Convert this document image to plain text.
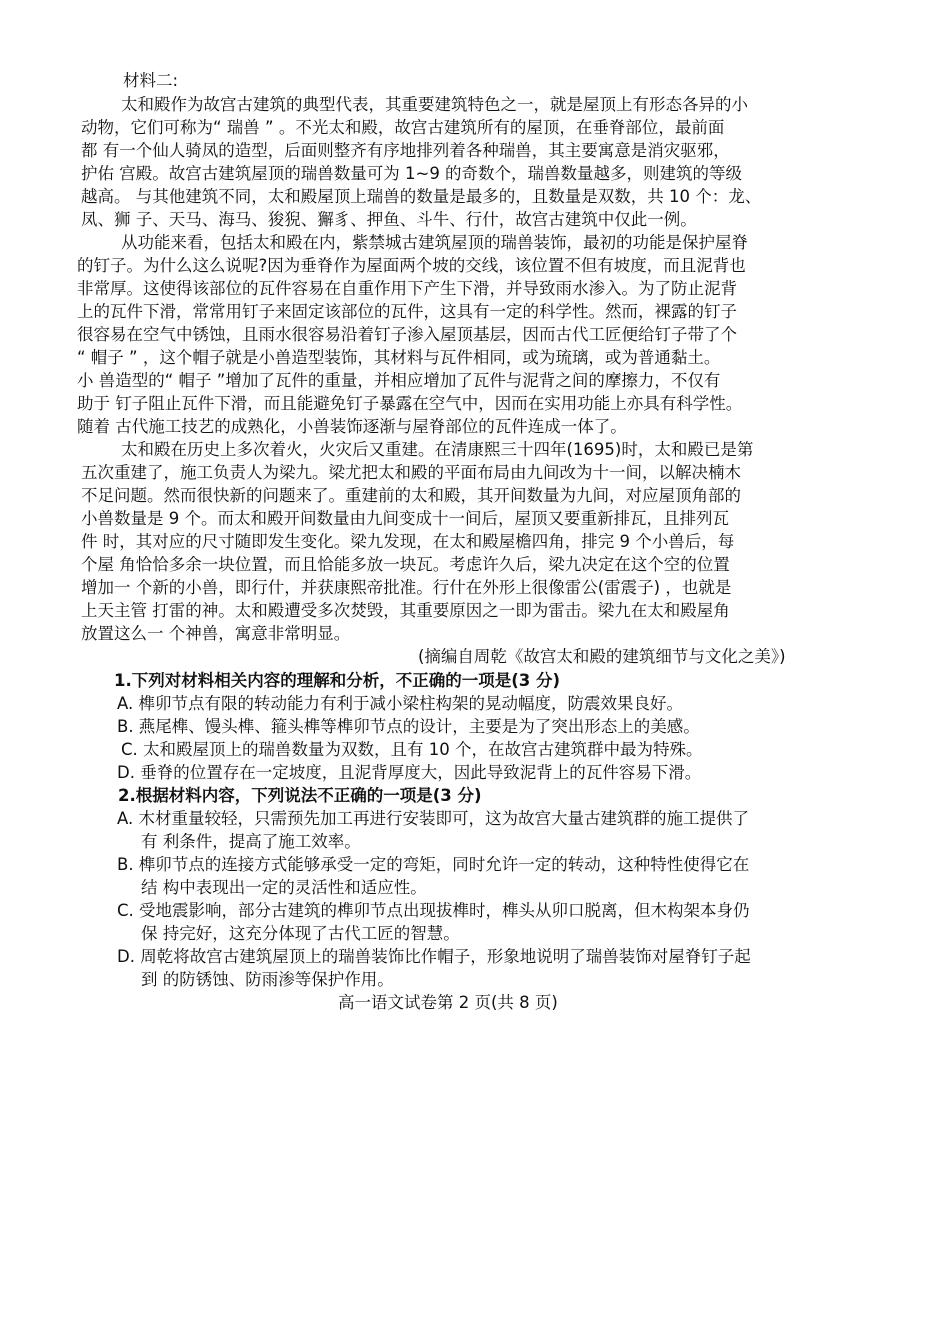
材料二:
太和殿作为故宫古建筑的典型代表，其重要建筑特色之一，就是屋顶上有形态各异的小
动物，它们可称为“ 瑞兽 ” 。不光太和殿，故宫古建筑所有的屋顶，在垂脊部位，最前面
都 有一个仙人骑凤的造型，后面则整齐有序地排列着各种瑞兽，其主要寓意是消灾驱邪，
护佑 宫殿。故宫古建筑屋顶的瑞兽数量可为 1~9 的奇数个，瑞兽数量越多，则建筑的等级
越高。 与其他建筑不同，太和殿屋顶上瑞兽的数量是最多的，且数量是双数，共 10 个：龙、
凤、狮 子、天马、海马、狻猊、獬豸、押鱼、斗牛、行什，故宫古建筑中仅此一例。
从功能来看，包括太和殿在内，紫禁城古建筑屋顶的瑞兽装饰，最初的功能是保护屋脊
的钉子。为什么这么说呢?因为垂脊作为屋面两个坡的交线，该位置不但有坡度，而且泥背也
非常厚。这使得该部位的瓦件容易在自重作用下产生下滑，并导致雨水渗入。为了防止泥背
上的瓦件下滑，常常用钉子来固定该部位的瓦件，这具有一定的科学性。然而，裸露的钉子
很容易在空气中锈蚀，且雨水很容易沿着钉子渗入屋顶基层，因而古代工匠便给钉子带了个
“ 帽子 ” ，这个帽子就是小兽造型装饰，其材料与瓦件相同，或为琉璃，或为普通黏土。
小 兽造型的“ 帽子 ”增加了瓦件的重量，并相应增加了瓦件与泥背之间的摩擦力，不仅有
助于 钉子阻止瓦件下滑，而且能避免钉子暴露在空气中，因而在实用功能上亦具有科学性。
随着 古代施工技艺的成熟化，小兽装饰逐渐与屋脊部位的瓦件连成一体了。
太和殿在历史上多次着火，火灾后又重建。在清康熙三十四年(1695)时，太和殿已是第
五次重建了，施工负责人为梁九。梁尤把太和殿的平面布局由九间改为十一间，以解决楠木
不足问题。然而很快新的问题来了。重建前的太和殿，其开间数量为九间，对应屋顶角部的
小兽数量是 9 个。而太和殿开间数量由九间变成十一间后，屋顶又要重新排瓦，且排列瓦
件 时，其对应的尺寸随即发生变化。梁九发现，在太和殿屋檐四角，排完 9 个小兽后，每
个屋 角恰恰多余一块位置，而且恰能多放一块瓦。考虑许久后，梁九决定在这个空的位置
增加一 个新的小兽，即行什，并获康熙帝批准。行什在外形上很像雷公(雷震子) ，也就是
上天主管 打雷的神。太和殿遭受多次焚毁，其重要原因之一即为雷击。梁九在太和殿屋角
放置这么一 个神兽，寓意非常明显。
(摘编自周乾《故宫太和殿的建筑细节与文化之美》)
1.下列对材料相关内容的理解和分析，不正确的一项是(3 分)
A. 榫卯节点有限的转动能力有利于减小梁柱构架的晃动幅度，防震效果良好。
B. 燕尾榫、馒头榫、箍头榫等榫卯节点的设计，主要是为了突出形态上的美感。
C. 太和殿屋顶上的瑞兽数量为双数，且有 10 个，在故宫古建筑群中最为特殊。
D. 垂脊的位置存在一定坡度，且泥背厚度大，因此导致泥背上的瓦件容易下滑。
2.根据材料内容，下列说法不正确的一项是(3 分)
A. 木材重量较轻，只需预先加工再进行安装即可，这为故宫大量古建筑群的施工提供了
有 利条件，提高了施工效率。
B. 榫卯节点的连接方式能够承受一定的弯矩，同时允许一定的转动，这种特性使得它在
结 构中表现出一定的灵活性和适应性。
C. 受地震影响，部分古建筑的榫卯节点出现拔榫时，榫头从卯口脱离，但木构架本身仍
保 持完好，这充分体现了古代工匠的智慧。
D. 周乾将故宫古建筑屋顶上的瑞兽装饰比作帽子，形象地说明了瑞兽装饰对屋脊钉子起
到 的防锈蚀、防雨渗等保护作用。
高一语文试卷第 2 页(共 8 页)
